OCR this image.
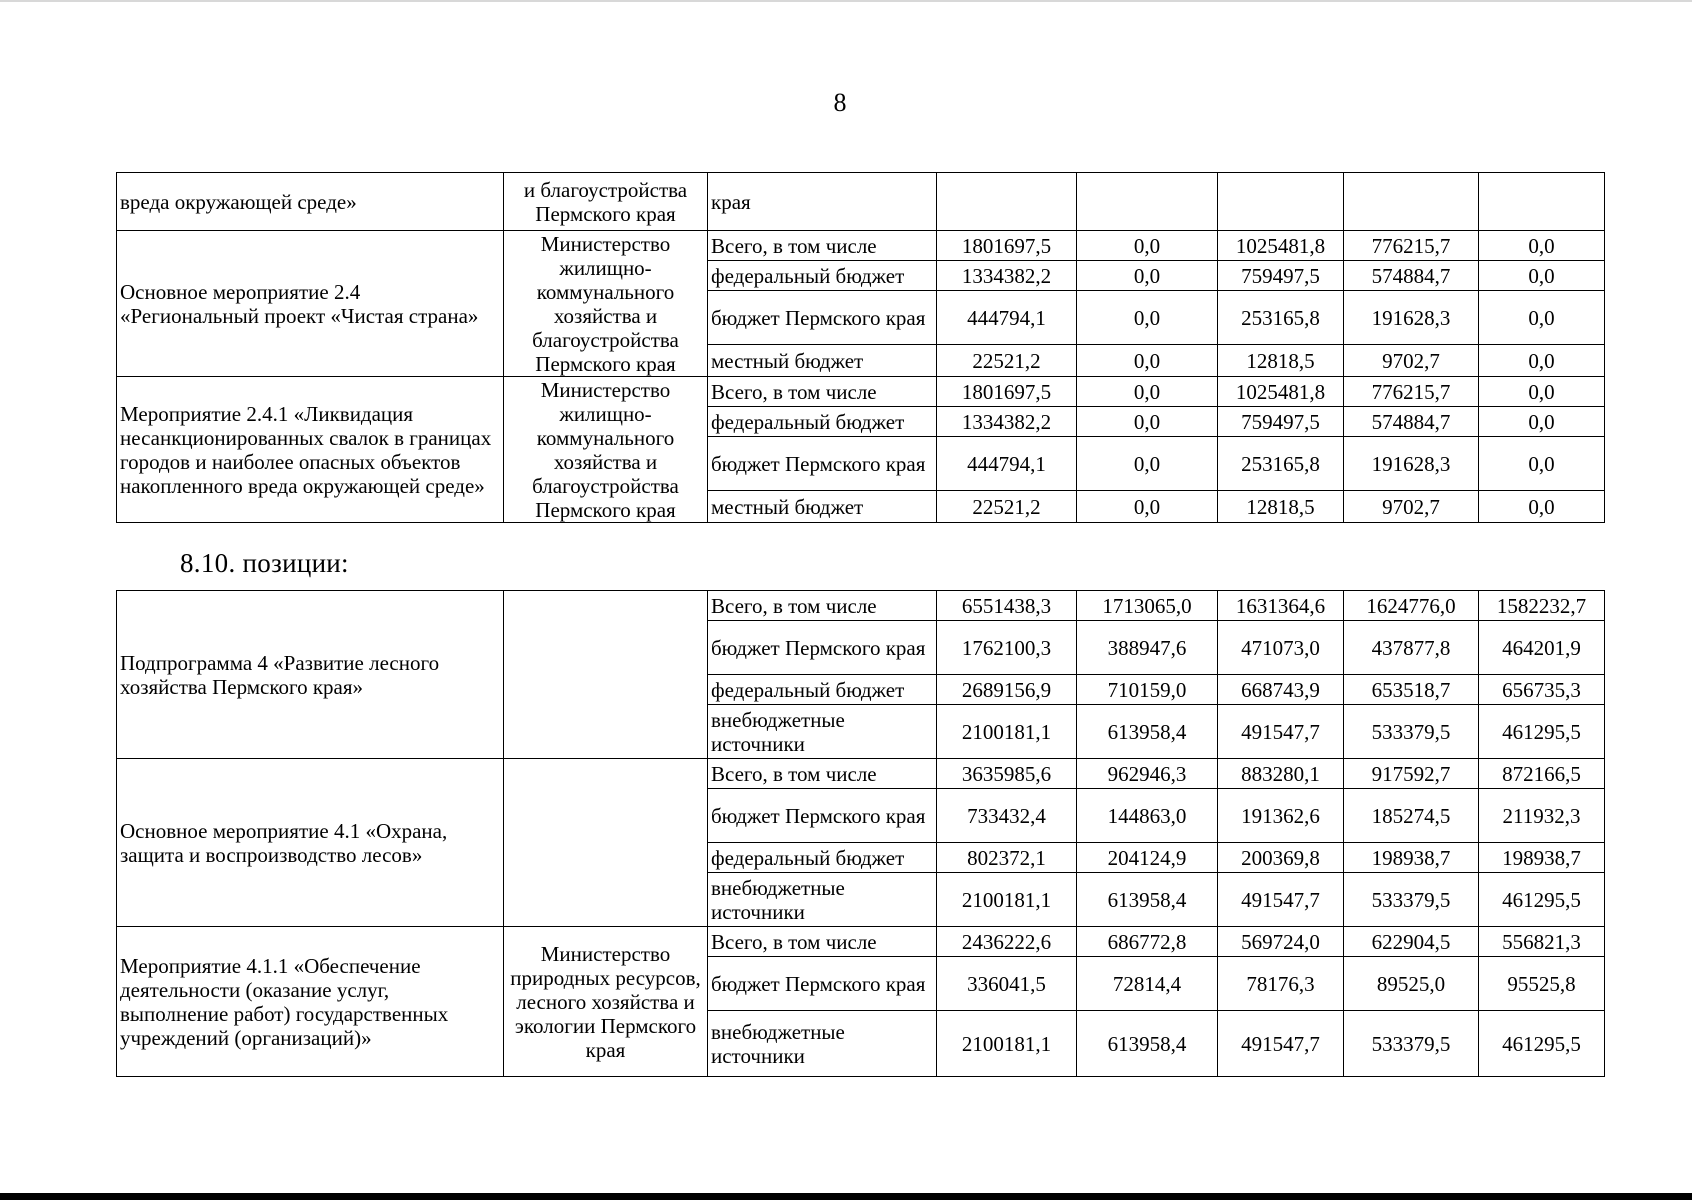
8
вреда окружающей среде»	и благоустройства Пермского края	края					
Основное мероприятие 2.4 «Региональный проект «Чистая страна»	Министерство жилищно-коммунального хозяйства и благоустройства Пермского края	Всего, в том числе	1801697,5	0,0	1025481,8	776215,7	0,0
		федеральный бюджет	1334382,2	0,0	759497,5	574884,7	0,0
		бюджет Пермского края	444794,1	0,0	253165,8	191628,3	0,0
		местный бюджет	22521,2	0,0	12818,5	9702,7	0,0
Мероприятие 2.4.1 «Ликвидация несанкционированных свалок в границах городов и наиболее опасных объектов накопленного вреда окружающей среде»	Министерство жилищно-коммунального хозяйства и благоустройства Пермского края	Всего, в том числе	1801697,5	0,0	1025481,8	776215,7	0,0
		федеральный бюджет	1334382,2	0,0	759497,5	574884,7	0,0
		бюджет Пермского края	444794,1	0,0	253165,8	191628,3	0,0
		местный бюджет	22521,2	0,0	12818,5	9702,7	0,0
8.10. позиции:
Подпрограмма 4 «Развитие лесного хозяйства Пермского края»		Всего, в том числе	6551438,3	1713065,0	1631364,6	1624776,0	1582232,7
		бюджет Пермского края	1762100,3	388947,6	471073,0	437877,8	464201,9
		федеральный бюджет	2689156,9	710159,0	668743,9	653518,7	656735,3
		внебюджетные источники	2100181,1	613958,4	491547,7	533379,5	461295,5
Основное мероприятие 4.1 «Охрана, защита и воспроизводство лесов»		Всего, в том числе	3635985,6	962946,3	883280,1	917592,7	872166,5
		бюджет Пермского края	733432,4	144863,0	191362,6	185274,5	211932,3
		федеральный бюджет	802372,1	204124,9	200369,8	198938,7	198938,7
		внебюджетные источники	2100181,1	613958,4	491547,7	533379,5	461295,5
Мероприятие 4.1.1 «Обеспечение деятельности (оказание услуг, выполнение работ) государственных учреждений (организаций)»	Министерство природных ресурсов, лесного хозяйства и экологии Пермского края	Всего, в том числе	2436222,6	686772,8	569724,0	622904,5	556821,3
		бюджет Пермского края	336041,5	72814,4	78176,3	89525,0	95525,8
		внебюджетные источники	2100181,1	613958,4	491547,7	533379,5	461295,5
